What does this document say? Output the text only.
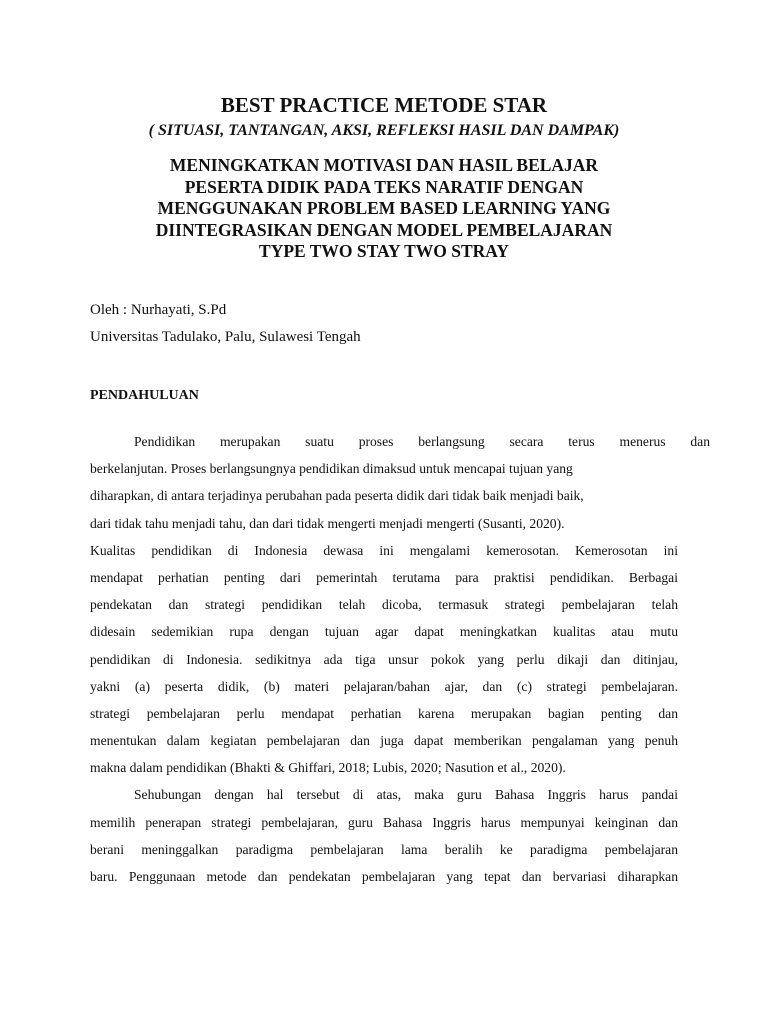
BEST PRACTICE METODE STAR
( SITUASI, TANTANGAN, AKSI, REFLEKSI HASIL DAN DAMPAK)
MENINGKATKAN MOTIVASI DAN HASIL BELAJAR
PESERTA DIDIK PADA TEKS NARATIF DENGAN
MENGGUNAKAN PROBLEM BASED LEARNING YANG
DIINTEGRASIKAN DENGAN MODEL PEMBELAJARAN
TYPE TWO STAY TWO STRAY

Oleh : Nurhayati, S.Pd

Universitas Tadulako, Palu, Sulawesi Tengah

PENDAHULUAN
Pendidikan merupakan suatu proses berlangsung secara terus menerus dan
berkelanjutan. Proses berlangsungnya pendidikan dimaksud untuk mencapai tujuan yang
diharapkan, di antara terjadinya perubahan pada peserta didik dari tidak baik menjadi baik,
dari tidak tahu menjadi tahu, dan dari tidak mengerti menjadi mengerti (Susanti, 2020).
Kualitas pendidikan di Indonesia dewasa ini mengalami kemerosotan. Kemerosotan ini
mendapat perhatian penting dari pemerintah terutama para praktisi pendidikan. Berbagai
pendekatan dan strategi pendidikan telah dicoba, termasuk strategi pembelajaran telah
didesain sedemikian rupa dengan tujuan agar dapat meningkatkan kualitas atau mutu
pendidikan di Indonesia. sedikitnya ada tiga unsur pokok yang perlu dikaji dan ditinjau,
yakni (a) peserta didik, (b) materi pelajaran/bahan ajar, dan (c) strategi pembelajaran.
strategi pembelajaran perlu mendapat perhatian karena merupakan bagian penting dan
menentukan dalam kegiatan pembelajaran dan juga dapat memberikan pengalaman yang penuh
makna dalam pendidikan (Bhakti & Ghiffari, 2018; Lubis, 2020; Nasution et al., 2020).
Sehubungan dengan hal tersebut di atas, maka guru Bahasa Inggris harus pandai
memilih penerapan strategi pembelajaran, guru Bahasa Inggris harus mempunyai keinginan dan
berani meninggalkan paradigma pembelajaran lama beralih ke paradigma pembelajaran
baru. Penggunaan metode dan pendekatan pembelajaran yang tepat dan bervariasi diharapkan
